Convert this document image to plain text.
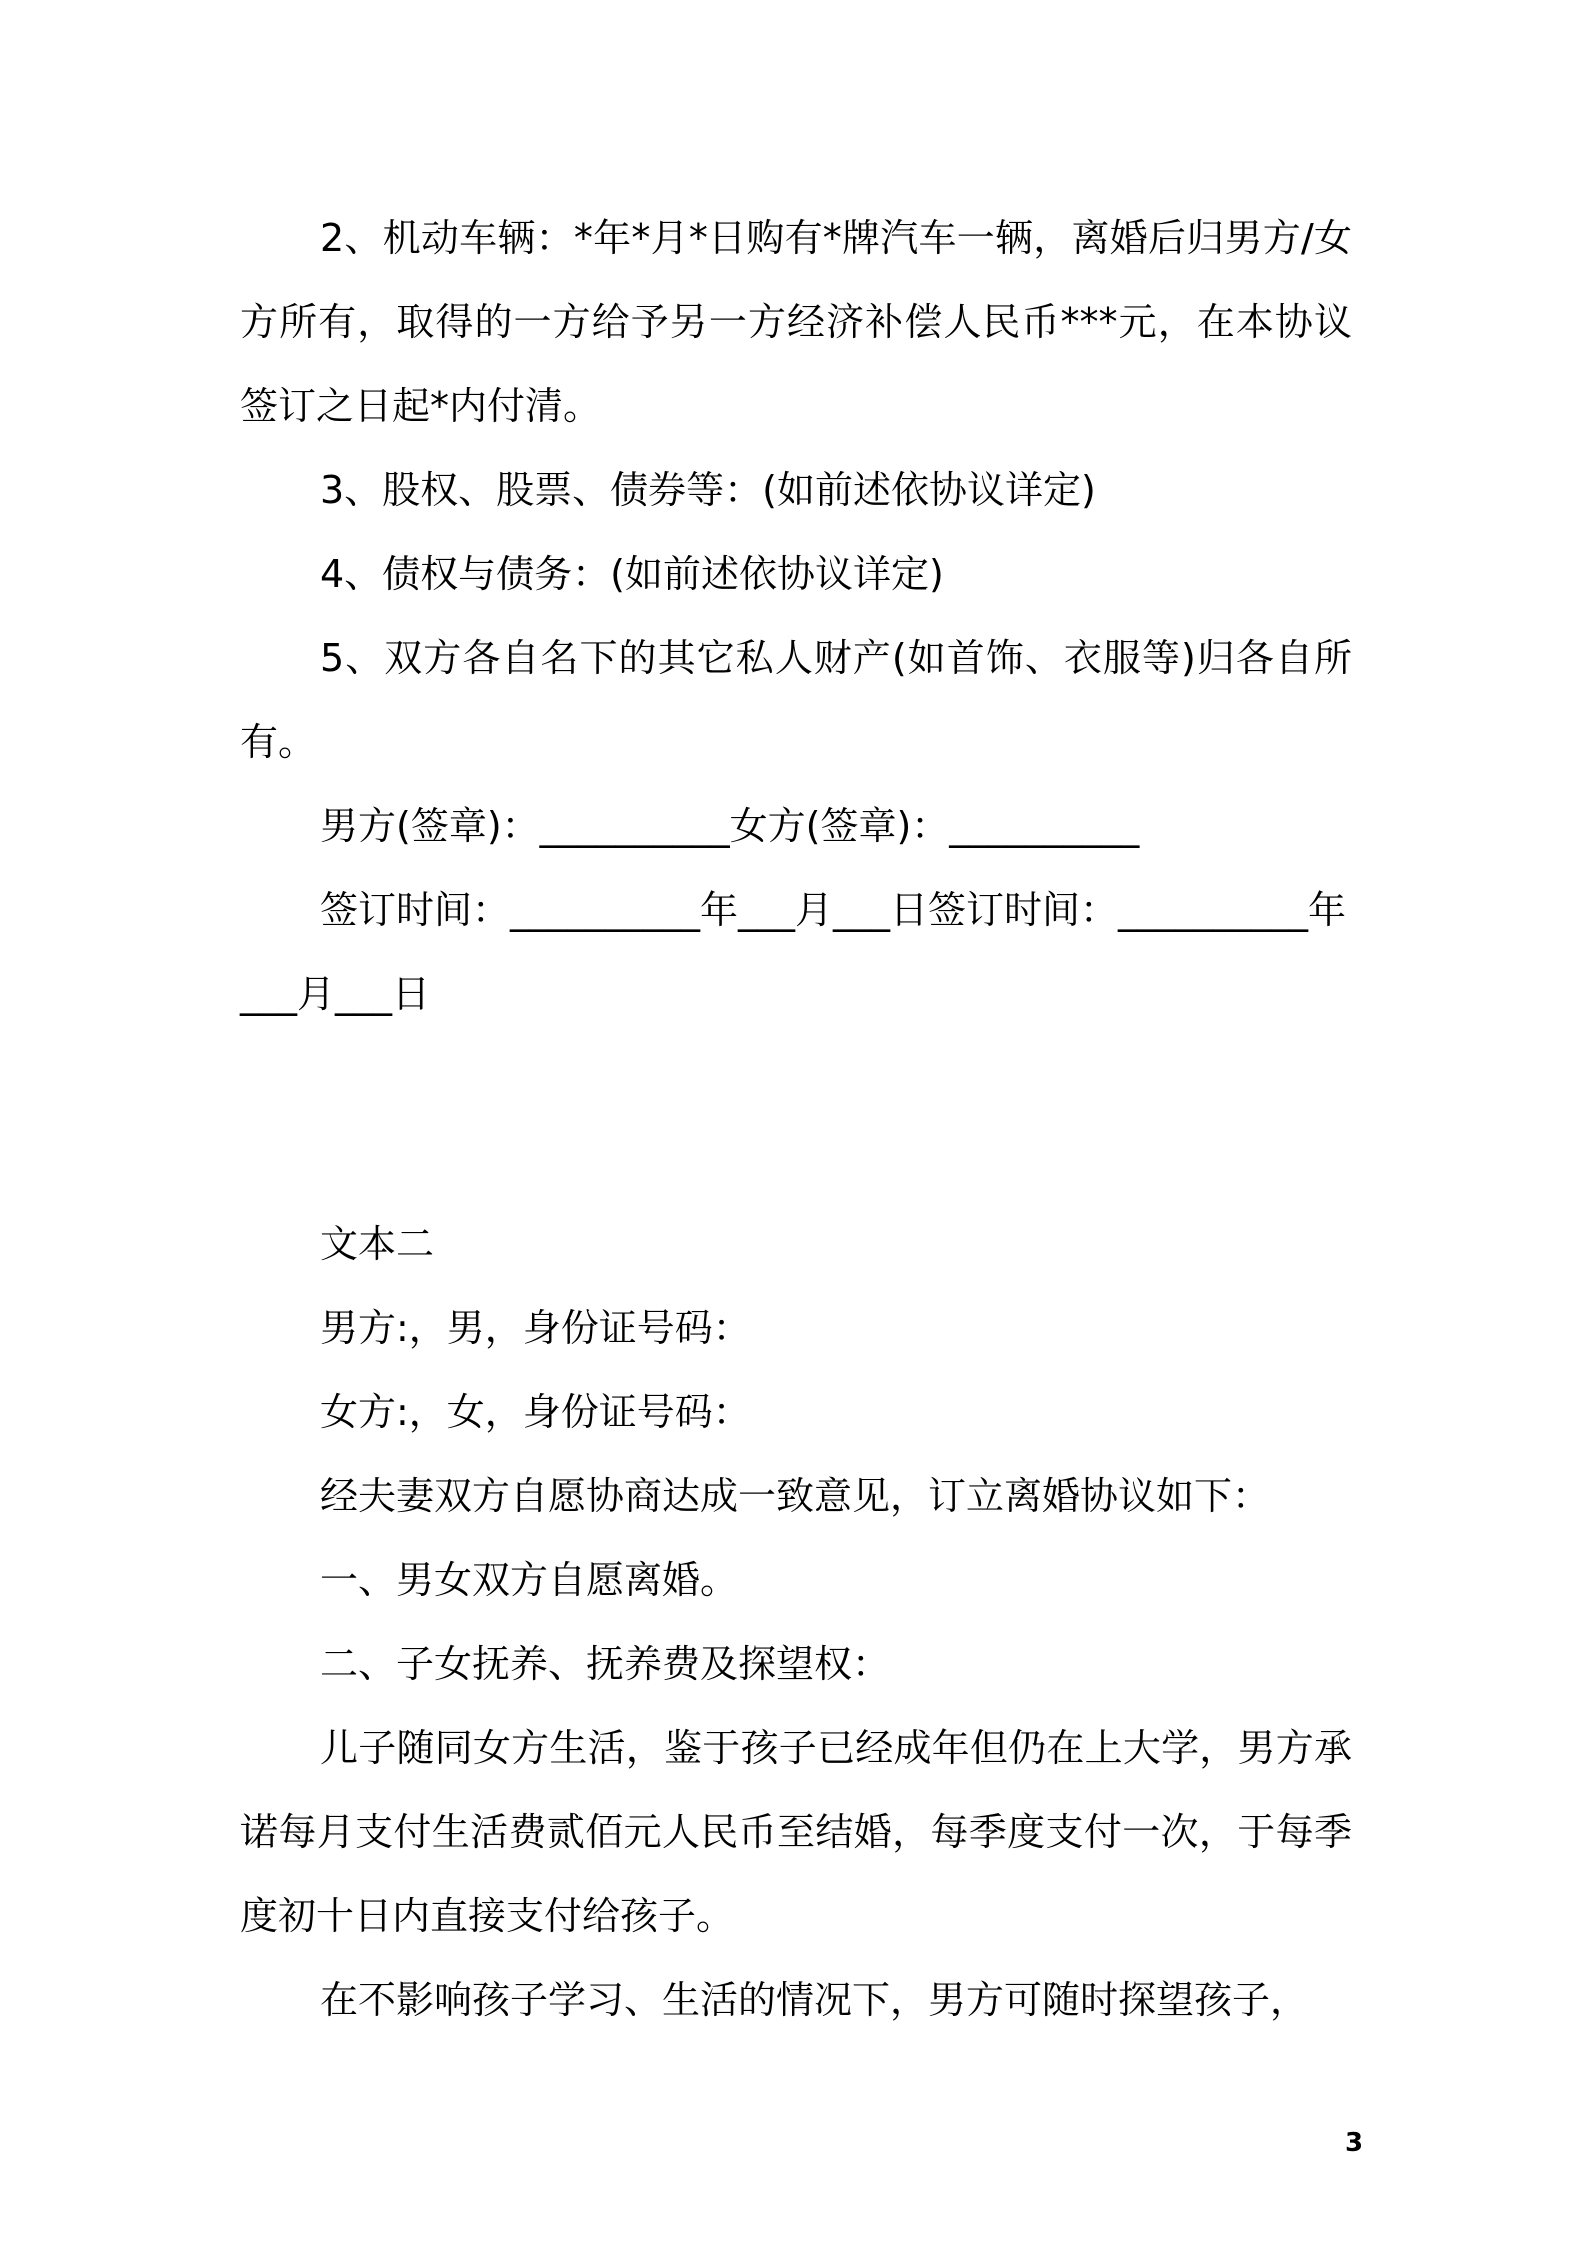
2、机动车辆：*年*月*日购有*牌汽车一辆，离婚后归男方/女方所有，取得的一方给予另一方经济补偿人民币***元，在本协议签订之日起*内付清。

3、股权、股票、债券等：(如前述依协议详定)

4、债权与债务：(如前述依协议详定)

5、双方各自名下的其它私人财产(如首饰、衣服等)归各自所有。

男方(签章)：__________女方(签章)：__________

签订时间：__________年___月___日签订时间：__________年___月___日

文本二

男方:，男，身份证号码：

女方:，女，身份证号码：

经夫妻双方自愿协商达成一致意见，订立离婚协议如下：

一、男女双方自愿离婚。

二、子女抚养、抚养费及探望权：

儿子随同女方生活，鉴于孩子已经成年但仍在上大学，男方承诺每月支付生活费贰佰元人民币至结婚，每季度支付一次，于每季度初十日内直接支付给孩子。

在不影响孩子学习、生活的情况下，男方可随时探望孩子，

3
